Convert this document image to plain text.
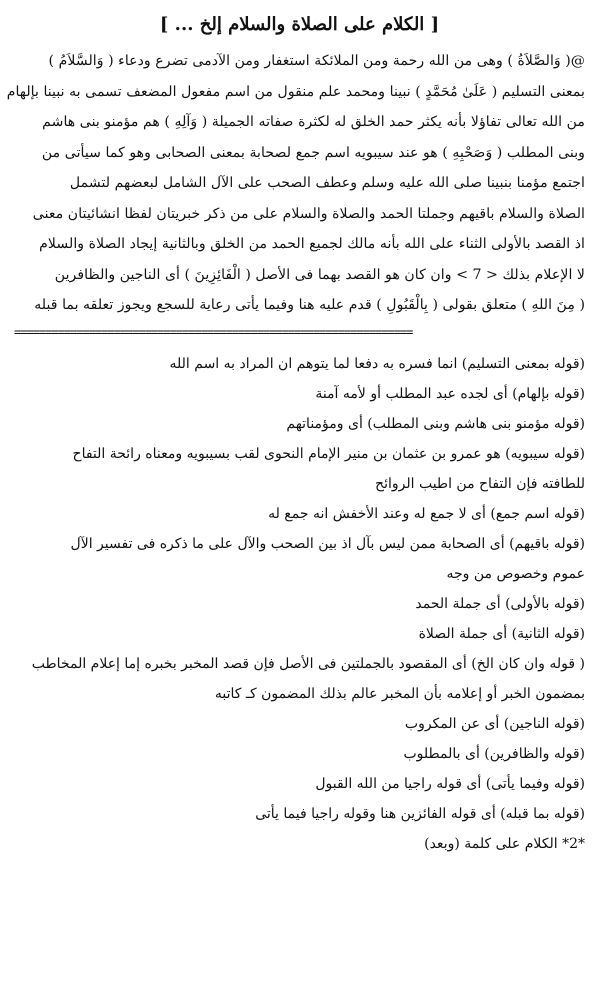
[ الكلام على الصلاة والسلام إلخ ... ]

@( وَالصَّلاَةُ ) وهى من الله رحمة ومن الملائكة استغفار ومن الآدمى تضرع ودعاء ( وَالسَّلاَمُ )

بمعنى التسليم ( عَلَىٰ مُحَمَّدٍ ) نبينا ومحمد علم منقول من اسم مفعول المضعف تسمى به نبينا بإلهام

من الله تعالى تفاؤلا بأنه يكثر حمد الخلق له لكثرة صفاته الجميلة ( وَآلِهِ ) هم مؤمنو بنى هاشم

وبنى المطلب ( وَصَحْبِهِ ) هو عند سيبويه اسم جمع لصحابة بمعنى الصحابى وهو كما سيأتى من

اجتمع مؤمنا بنبينا صلى الله عليه وسلم وعطف الصحب على الآل الشامل لبعضهم لتشمل

الصلاة والسلام باقيهم وجملتا الحمد والصلاة والسلام على من ذكر خبريتان لفظا انشائيتان معنى

اذ القصد بالأولى الثناء على الله بأنه مالك لجميع الحمد من الخلق وبالثانية إيجاد الصلاة والسلام

لا الإعلام بذلك < 7 > وان كان هو القصد بهما فى الأصل ( الْفَائِزِينَ ) أى الناجين والظافرين

( مِنَ اللهِ ) متعلق بقولى ( بِالْقَبُولِ ) قدم عليه هنا وفيما يأتى رعاية للسجع ويجوز تعلقه بما قبله

================================================================

(قوله بمعنى التسليم) انما فسره به دفعا لما يتوهم ان المراد به اسم الله

(قوله بإلهام) أى لجده عبد المطلب أو لأمه آمنة

(قوله مؤمنو بنى هاشم وبنى المطلب) أى ومؤمناتهم

(قوله سيبويه) هو عمرو بن عثمان بن منير الإمام النحوى لقب بسيبويه ومعناه رائحة التفاح

للطافته فإن التفاح من اطيب الروائح

(قوله اسم جمع) أى لا جمع له وعند الأخفش انه جمع له

(قوله باقيهم) أى الصحابة ممن ليس بآل اذ بين الصحب والآل على ما ذكره فى تفسير الآل

عموم وخصوص من وجه

(قوله بالأولى) أى جملة الحمد

(قوله الثانية) أى جملة الصلاة

( قوله وان كان الخ) أى المقصود بالجملتين فى الأصل فإن قصد المخبر بخبره إما إعلام المخاطب

بمضمون الخبر أو إعلامه بأن المخبر عالم بذلك المضمون كـ كاتبه

(قوله الناجين) أى عن المكروب

(قوله والظافرين) أى بالمطلوب

(قوله وفيما يأتى) أى قوله راجيا من الله القبول

(قوله بما قبله) أى قوله الفائزين هنا وقوله راجيا فيما يأتى

*2* الكلام على كلمة (وبعد)
